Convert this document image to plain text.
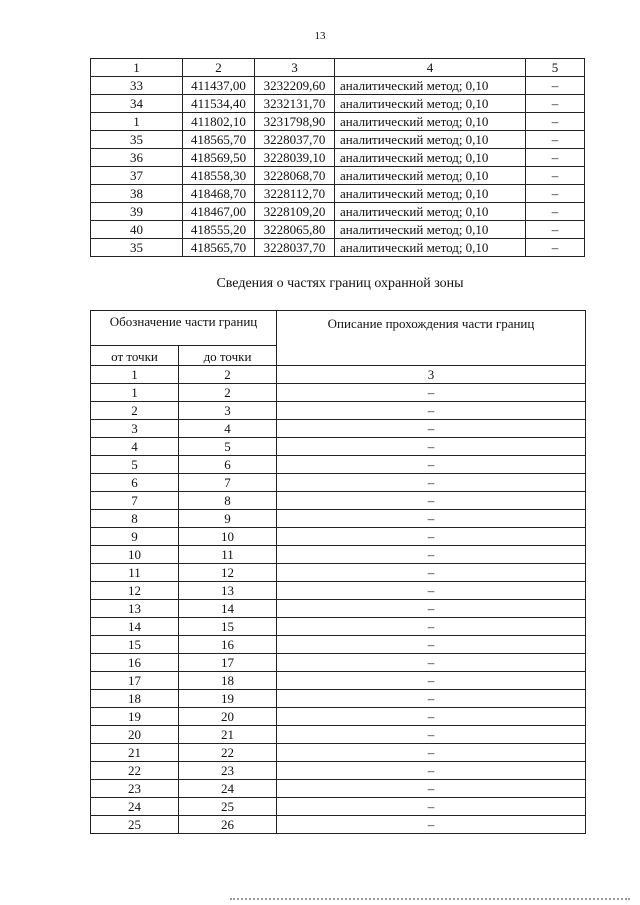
13
1	2	3	4	5
33	411437,00	3232209,60	аналитический метод; 0,10	–
34	411534,40	3232131,70	аналитический метод; 0,10	–
1	411802,10	3231798,90	аналитический метод; 0,10	–
35	418565,70	3228037,70	аналитический метод; 0,10	–
36	418569,50	3228039,10	аналитический метод; 0,10	–
37	418558,30	3228068,70	аналитический метод; 0,10	–
38	418468,70	3228112,70	аналитический метод; 0,10	–
39	418467,00	3228109,20	аналитический метод; 0,10	–
40	418555,20	3228065,80	аналитический метод; 0,10	–
35	418565,70	3228037,70	аналитический метод; 0,10	–
Сведения о частях границ охранной зоны
Обозначение части границ		Описание прохождения части границ
от точки	до точки	
1	2	3
1	2	–
2	3	–
3	4	–
4	5	–
5	6	–
6	7	–
7	8	–
8	9	–
9	10	–
10	11	–
11	12	–
12	13	–
13	14	–
14	15	–
15	16	–
16	17	–
17	18	–
18	19	–
19	20	–
20	21	–
21	22	–
22	23	–
23	24	–
24	25	–
25	26	–
